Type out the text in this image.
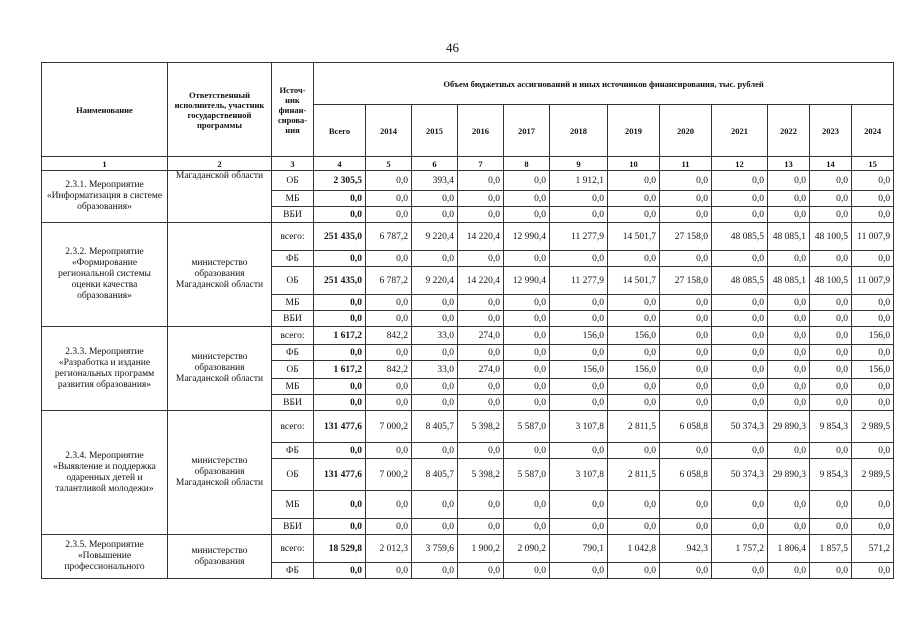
46
Наименование	Ответственный исполнитель, участник государственной программы	Источ-ник финан-сирова-ния	Объем бюджетных ассигнований и иных источников финансирования, тыс. рублей											
			Всего	2014	2015	2016	2017	2018	2019	2020	2021	2022	2023	2024
1	2	3	4	5	6	7	8	9	10	11	12	13	14	15
2.3.1. Мероприятие «Информатизация в системе образования»	Магаданской области	ОБ	2 305,5	0,0	393,4	0,0	0,0	1 912,1	0,0	0,0	0,0	0,0	0,0	0,0
		МБ	0,0	0,0	0,0	0,0	0,0	0,0	0,0	0,0	0,0	0,0	0,0	0,0
		ВБИ	0,0	0,0	0,0	0,0	0,0	0,0	0,0	0,0	0,0	0,0	0,0	0,0
2.3.2. Мероприятие «Формирование региональной системы оценки качества образования»	министерство образования Магаданской области	всего:	251 435,0	6 787,2	9 220,4	14 220,4	12 990,4	11 277,9	14 501,7	27 158,0	48 085,5	48 085,1	48 100,5	11 007,9
		ФБ	0,0	0,0	0,0	0,0	0,0	0,0	0,0	0,0	0,0	0,0	0,0	0,0
		ОБ	251 435,0	6 787,2	9 220,4	14 220,4	12 990,4	11 277,9	14 501,7	27 158,0	48 085,5	48 085,1	48 100,5	11 007,9
		МБ	0,0	0,0	0,0	0,0	0,0	0,0	0,0	0,0	0,0	0,0	0,0	0,0
		ВБИ	0,0	0,0	0,0	0,0	0,0	0,0	0,0	0,0	0,0	0,0	0,0	0,0
2.3.3. Мероприятие «Разработка и издание региональных программ развития образования»	министерство образования Магаданской области	всего:	1 617,2	842,2	33,0	274,0	0,0	156,0	156,0	0,0	0,0	0,0	0,0	156,0
		ФБ	0,0	0,0	0,0	0,0	0,0	0,0	0,0	0,0	0,0	0,0	0,0	0,0
		ОБ	1 617,2	842,2	33,0	274,0	0,0	156,0	156,0	0,0	0,0	0,0	0,0	156,0
		МБ	0,0	0,0	0,0	0,0	0,0	0,0	0,0	0,0	0,0	0,0	0,0	0,0
		ВБИ	0,0	0,0	0,0	0,0	0,0	0,0	0,0	0,0	0,0	0,0	0,0	0,0
2.3.4. Мероприятие «Выявление и поддержка одаренных детей и талантливой молодежи»	министерство образования Магаданской области	всего:	131 477,6	7 000,2	8 405,7	5 398,2	5 587,0	3 107,8	2 811,5	6 058,8	50 374,3	29 890,3	9 854,3	2 989,5
		ФБ	0,0	0,0	0,0	0,0	0,0	0,0	0,0	0,0	0,0	0,0	0,0	0,0
		ОБ	131 477,6	7 000,2	8 405,7	5 398,2	5 587,0	3 107,8	2 811,5	6 058,8	50 374,3	29 890,3	9 854,3	2 989,5
		МБ	0,0	0,0	0,0	0,0	0,0	0,0	0,0	0,0	0,0	0,0	0,0	0,0
		ВБИ	0,0	0,0	0,0	0,0	0,0	0,0	0,0	0,0	0,0	0,0	0,0	0,0
2.3.5. Мероприятие «Повышение профессионального	министерство образования	всего:	18 529,8	2 012,3	3 759,6	1 900,2	2 090,2	790,1	1 042,8	942,3	1 757,2	1 806,4	1 857,5	571,2
		ФБ	0,0	0,0	0,0	0,0	0,0	0,0	0,0	0,0	0,0	0,0	0,0	0,0
